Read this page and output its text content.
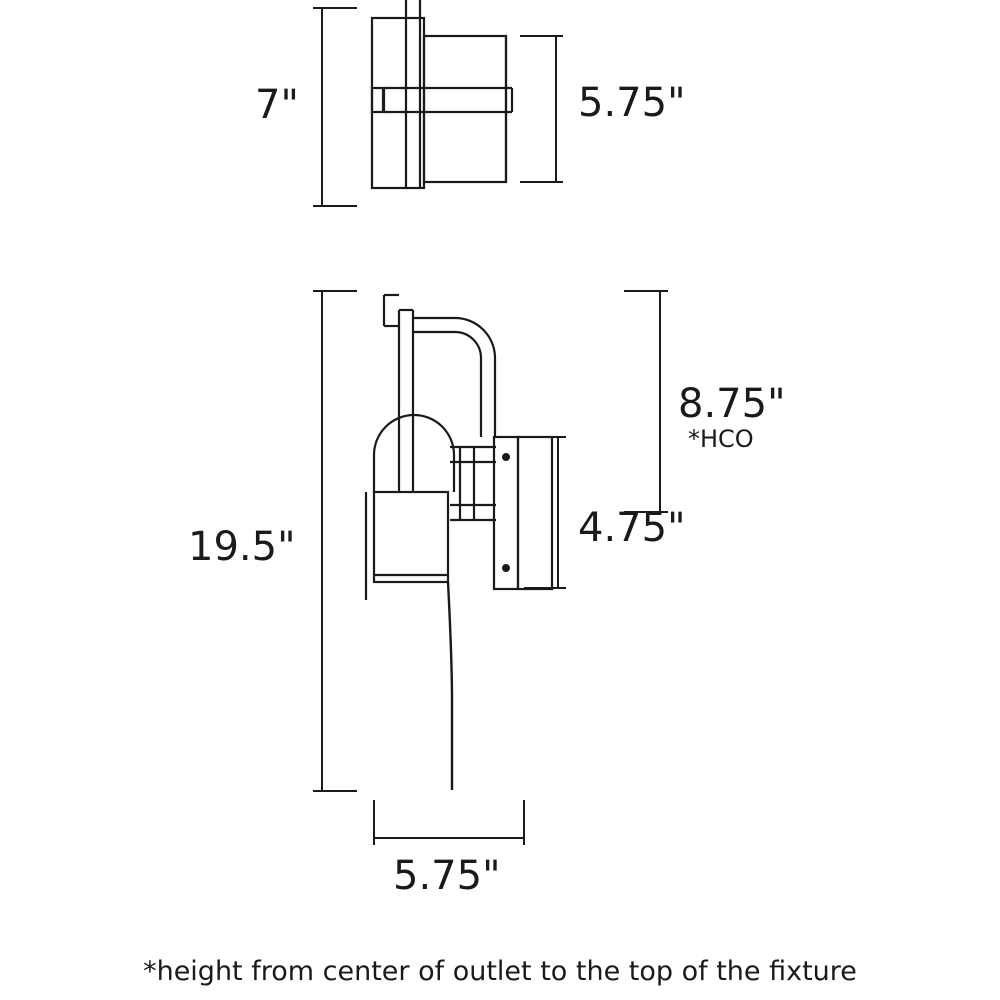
7"	5.75"
8.75"
*HCO
4.75"
19.5"
5.75"
*height from center of outlet to the top of the fixture
